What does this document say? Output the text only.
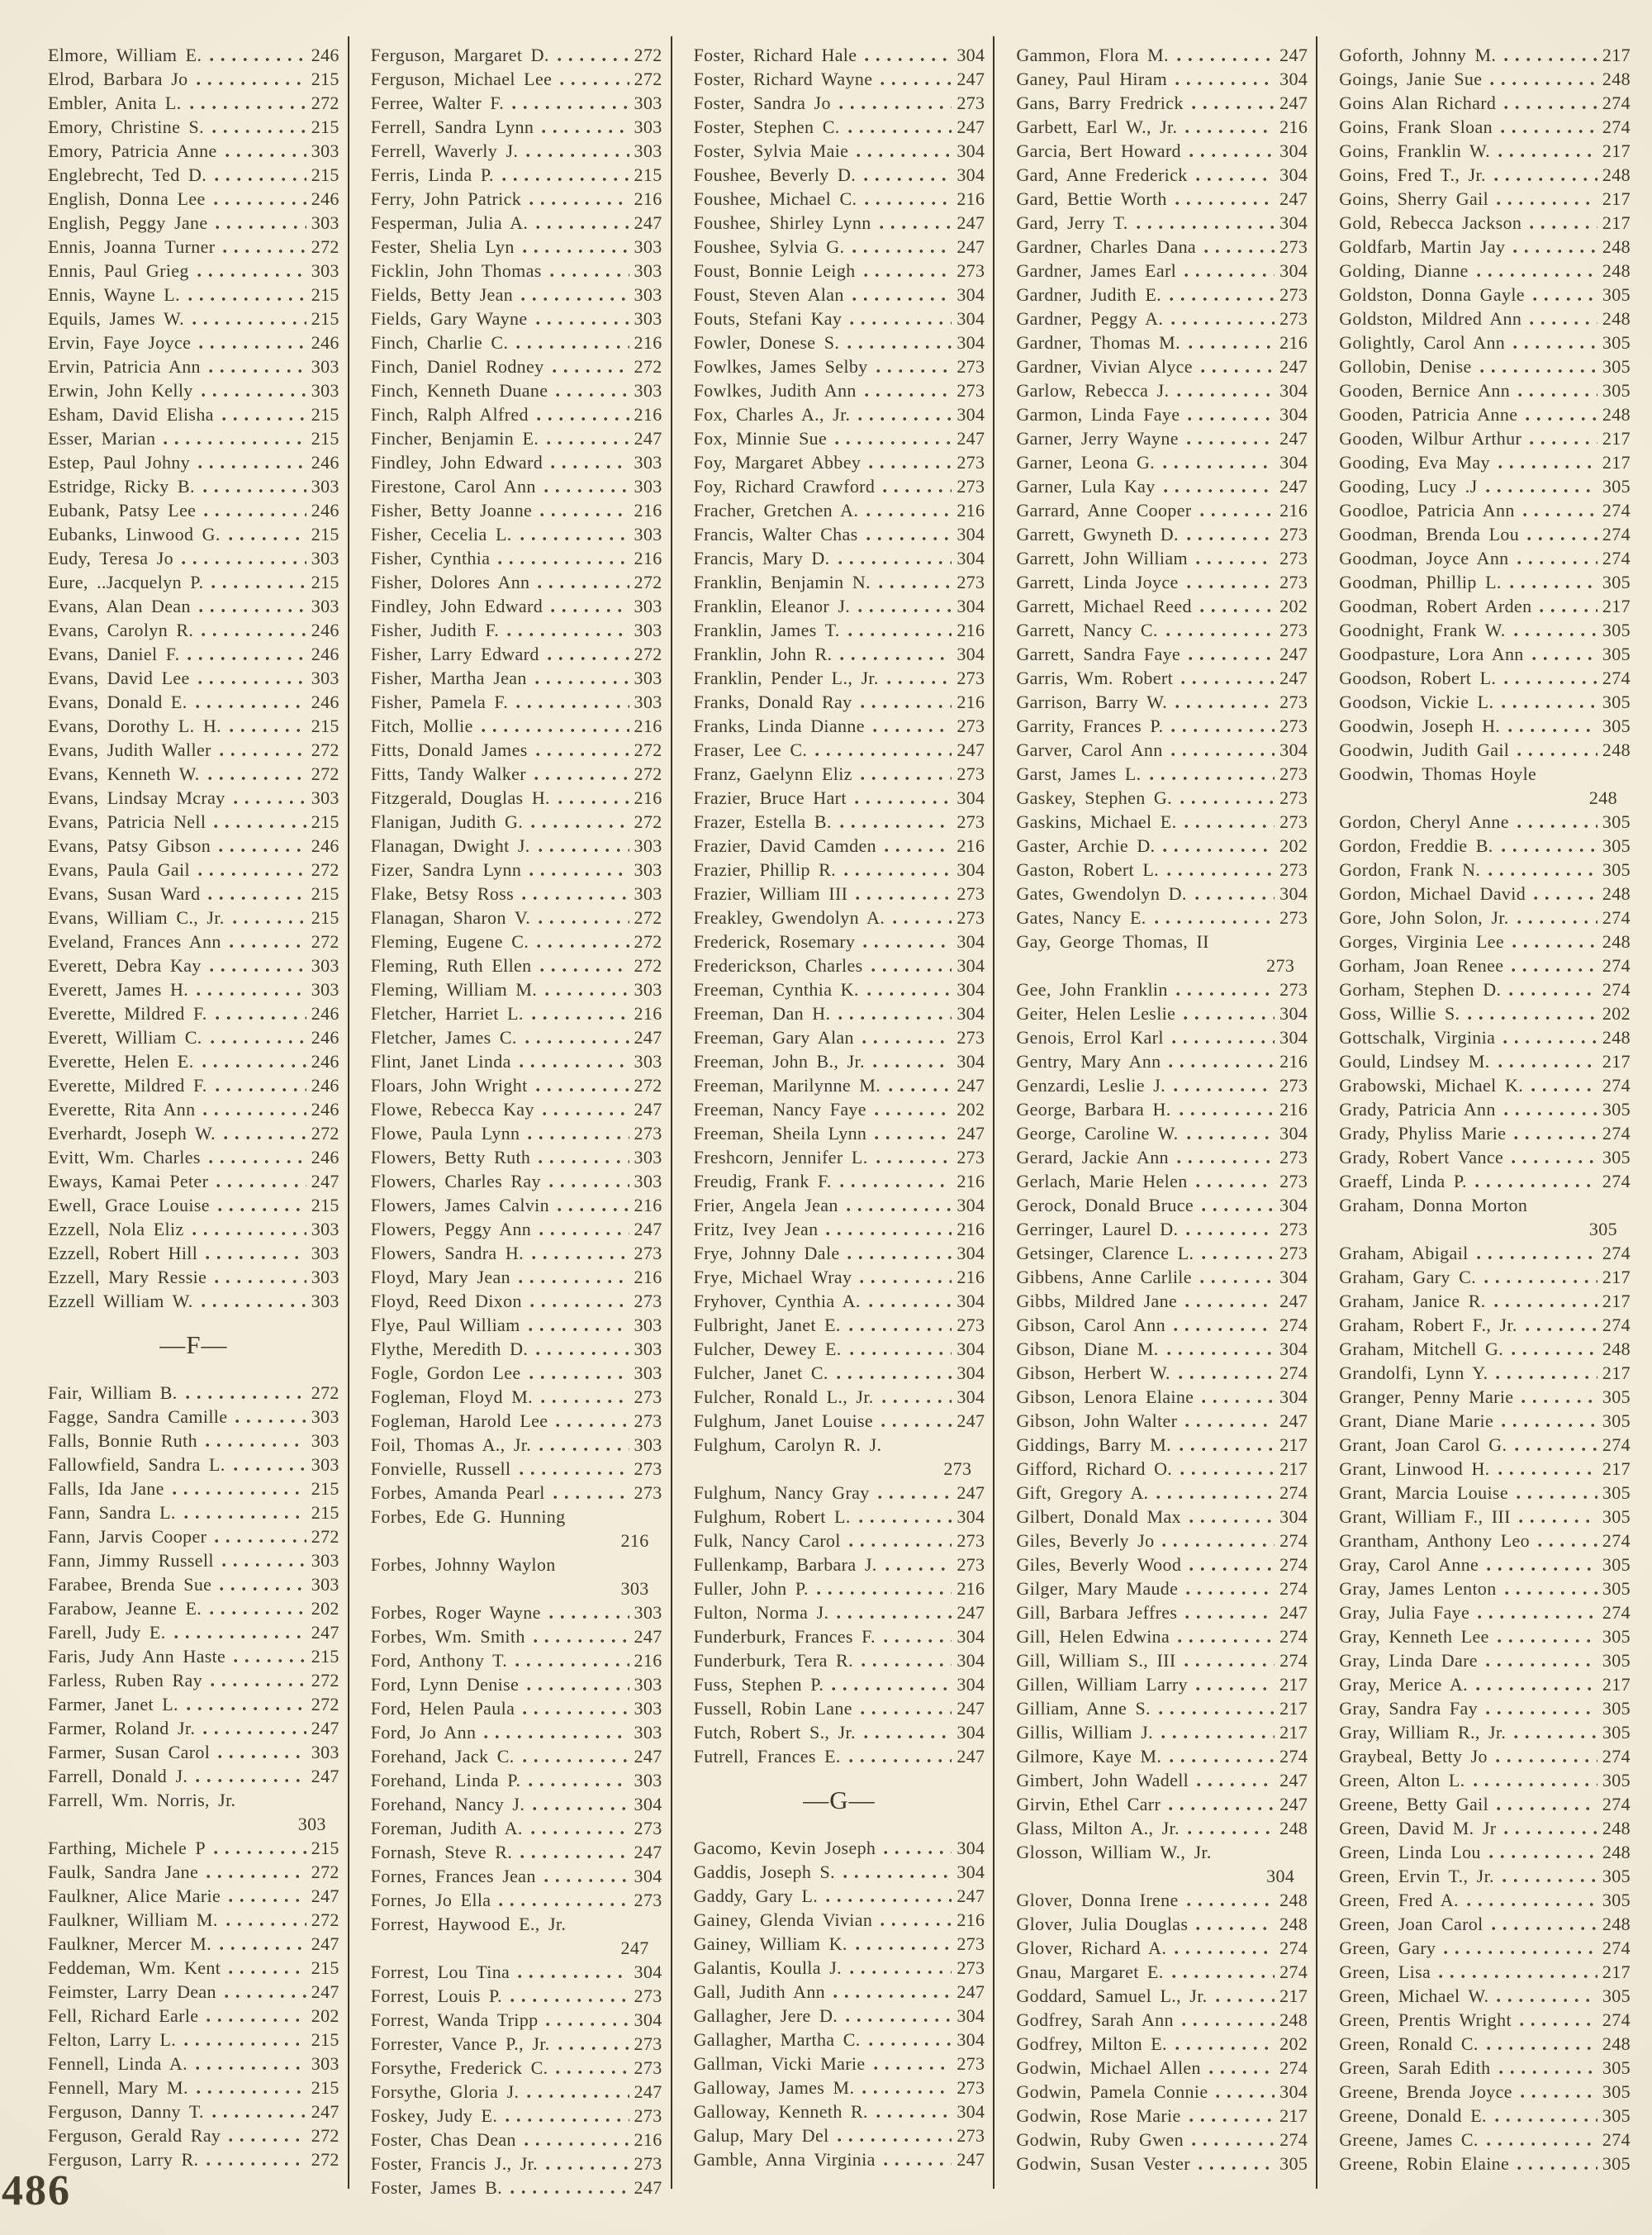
Elmore, William E.	246
Elrod, Barbara Jo	215
Embler, Anita L.	272
Emory, Christine S.	215
Emory, Patricia Anne	303
Englebrecht, Ted D.	215
English, Donna Lee	246
English, Peggy Jane	303
Ennis, Joanna Turner	272
Ennis, Paul Grieg	303
Ennis, Wayne L.	215
Equils, James W.	215
Ervin, Faye Joyce	246
Ervin, Patricia Ann	303
Erwin, John Kelly	303
Esham, David Elisha	215
Esser, Marian	215
Estep, Paul Johny	246
Estridge, Ricky B.	303
Eubank, Patsy Lee	246
Eubanks, Linwood G.	215
Eudy, Teresa Jo	303
Eure, ..Jacquelyn P.	215
Evans, Alan Dean	303
Evans, Carolyn R.	246
Evans, Daniel F.	246
Evans, David Lee	303
Evans, Donald E.	246
Evans, Dorothy L. H.	215
Evans, Judith Waller	272
Evans, Kenneth W.	272
Evans, Lindsay Mcray	303
Evans, Patricia Nell	215
Evans, Patsy Gibson	246
Evans, Paula Gail	272
Evans, Susan Ward	215
Evans, William C., Jr.	215
Eveland, Frances Ann	272
Everett, Debra Kay	303
Everett, James H.	303
Everette, Mildred F.	246
Everett, William C.	246
Everette, Helen E.	246
Everette, Mildred F.	246
Everette, Rita Ann	246
Everhardt, Joseph W.	272
Evitt, Wm. Charles	246
Eways, Kamai Peter	247
Ewell, Grace Louise	215
Ezzell, Nola Eliz	303
Ezzell, Robert Hill	303
Ezzell, Mary Ressie	303
Ezzell William W.	303
—F—
Fair, William B.	272
Fagge, Sandra Camille	303
Falls, Bonnie Ruth	303
Fallowfield, Sandra L.	303
Falls, Ida Jane	215
Fann, Sandra L.	215
Fann, Jarvis Cooper	272
Fann, Jimmy Russell	303
Farabee, Brenda Sue	303
Farabow, Jeanne E.	202
Farell, Judy E.	247
Faris, Judy Ann Haste	215
Farless, Ruben Ray	272
Farmer, Janet L.	272
Farmer, Roland Jr.	247
Farmer, Susan Carol	303
Farrell, Donald J.	247
Farrell, Wm. Norris, Jr.
303
Farthing, Michele P	215
Faulk, Sandra Jane	272
Faulkner, Alice Marie	247
Faulkner, William M.	272
Faulkner, Mercer M.	247
Feddeman, Wm. Kent	215
Feimster, Larry Dean	247
Fell, Richard Earle	202
Felton, Larry L.	215
Fennell, Linda A.	303
Fennell, Mary M.	215
Ferguson, Danny T.	247
Ferguson, Gerald Ray	272
Ferguson, Larry R.	272
Ferguson, Margaret D.	272
Ferguson, Michael Lee	272
Ferree, Walter F.	303
Ferrell, Sandra Lynn	303
Ferrell, Waverly J.	303
Ferris, Linda P.	215
Ferry, John Patrick	216
Fesperman, Julia A.	247
Fester, Shelia Lyn	303
Ficklin, John Thomas	303
Fields, Betty Jean	303
Fields, Gary Wayne	303
Finch, Charlie C.	216
Finch, Daniel Rodney	272
Finch, Kenneth Duane	303
Finch, Ralph Alfred	216
Fincher, Benjamin E.	247
Findley, John Edward	303
Firestone, Carol Ann	303
Fisher, Betty Joanne	216
Fisher, Cecelia L.	303
Fisher, Cynthia	216
Fisher, Dolores Ann	272
Findley, John Edward	303
Fisher, Judith F.	303
Fisher, Larry Edward	272
Fisher, Martha Jean	303
Fisher, Pamela F.	303
Fitch, Mollie	216
Fitts, Donald James	272
Fitts, Tandy Walker	272
Fitzgerald, Douglas H.	216
Flanigan, Judith G.	272
Flanagan, Dwight J.	303
Fizer, Sandra Lynn	303
Flake, Betsy Ross	303
Flanagan, Sharon V.	272
Fleming, Eugene C.	272
Fleming, Ruth Ellen	272
Fleming, William M.	303
Fletcher, Harriet L.	216
Fletcher, James C.	247
Flint, Janet Linda	303
Floars, John Wright	272
Flowe, Rebecca Kay	247
Flowe, Paula Lynn	273
Flowers, Betty Ruth	303
Flowers, Charles Ray	303
Flowers, James Calvin	216
Flowers, Peggy Ann	247
Flowers, Sandra H.	273
Floyd, Mary Jean	216
Floyd, Reed Dixon	273
Flye, Paul William	303
Flythe, Meredith D.	303
Fogle, Gordon Lee	303
Fogleman, Floyd M.	273
Fogleman, Harold Lee	273
Foil, Thomas A., Jr.	303
Fonvielle, Russell	273
Forbes, Amanda Pearl	273
Forbes, Ede G. Hunning
216
Forbes, Johnny Waylon
303
Forbes, Roger Wayne	303
Forbes, Wm. Smith	247
Ford, Anthony T.	216
Ford, Lynn Denise	303
Ford, Helen Paula	303
Ford, Jo Ann	303
Forehand, Jack C.	247
Forehand, Linda P.	303
Forehand, Nancy J.	304
Foreman, Judith A.	273
Fornash, Steve R.	247
Fornes, Frances Jean	304
Fornes, Jo Ella	273
Forrest, Haywood E., Jr.
247
Forrest, Lou Tina	304
Forrest, Louis P.	273
Forrest, Wanda Tripp	304
Forrester, Vance P., Jr.	273
Forsythe, Frederick C.	273
Forsythe, Gloria J.	247
Foskey, Judy E.	273
Foster, Chas Dean	216
Foster, Francis J., Jr.	273
Foster, James B.	247
Foster, Richard Hale	304
Foster, Richard Wayne	247
Foster, Sandra Jo	273
Foster, Stephen C.	247
Foster, Sylvia Maie	304
Foushee, Beverly D.	304
Foushee, Michael C.	216
Foushee, Shirley Lynn	247
Foushee, Sylvia G.	247
Foust, Bonnie Leigh	273
Foust, Steven Alan	304
Fouts, Stefani Kay	304
Fowler, Donese S.	304
Fowlkes, James Selby	273
Fowlkes, Judith Ann	273
Fox, Charles A., Jr.	304
Fox, Minnie Sue	247
Foy, Margaret Abbey	273
Foy, Richard Crawford	273
Fracher, Gretchen A.	216
Francis, Walter Chas	304
Francis, Mary D.	304
Franklin, Benjamin N.	273
Franklin, Eleanor J.	304
Franklin, James T.	216
Franklin, John R.	304
Franklin, Pender L., Jr.	273
Franks, Donald Ray	216
Franks, Linda Dianne	273
Fraser, Lee C.	247
Franz, Gaelynn Eliz	273
Frazier, Bruce Hart	304
Frazer, Estella B.	273
Frazier, David Camden	216
Frazier, Phillip R.	304
Frazier, William III	273
Freakley, Gwendolyn A.	273
Frederick, Rosemary	304
Frederickson, Charles	304
Freeman, Cynthia K.	304
Freeman, Dan H.	304
Freeman, Gary Alan	273
Freeman, John B., Jr.	304
Freeman, Marilynne M.	247
Freeman, Nancy Faye	202
Freeman, Sheila Lynn	247
Freshcorn, Jennifer L.	273
Freudig, Frank F.	216
Frier, Angela Jean	304
Fritz, Ivey Jean	216
Frye, Johnny Dale	304
Frye, Michael Wray	216
Fryhover, Cynthia A.	304
Fulbright, Janet E.	273
Fulcher, Dewey E.	304
Fulcher, Janet C.	304
Fulcher, Ronald L., Jr.	304
Fulghum, Janet Louise	247
Fulghum, Carolyn R. J.
273
Fulghum, Nancy Gray	247
Fulghum, Robert L.	304
Fulk, Nancy Carol	273
Fullenkamp, Barbara J.	273
Fuller, John P.	216
Fulton, Norma J.	247
Funderburk, Frances F.	304
Funderburk, Tera R.	304
Fuss, Stephen P.	304
Fussell, Robin Lane	247
Futch, Robert S., Jr.	304
Futrell, Frances E.	247
—G—
Gacomo, Kevin Joseph	304
Gaddis, Joseph S.	304
Gaddy, Gary L.	247
Gainey, Glenda Vivian	216
Gainey, William K.	273
Galantis, Koulla J.	273
Gall, Judith Ann	247
Gallagher, Jere D.	304
Gallagher, Martha C.	304
Gallman, Vicki Marie	273
Galloway, James M.	273
Galloway, Kenneth R.	304
Galup, Mary Del	273
Gamble, Anna Virginia	247
Gammon, Flora M.	247
Ganey, Paul Hiram	304
Gans, Barry Fredrick	247
Garbett, Earl W., Jr.	216
Garcia, Bert Howard	304
Gard, Anne Frederick	304
Gard, Bettie Worth	247
Gard, Jerry T.	304
Gardner, Charles Dana	273
Gardner, James Earl	304
Gardner, Judith E.	273
Gardner, Peggy A.	273
Gardner, Thomas M.	216
Gardner, Vivian Alyce	247
Garlow, Rebecca J.	304
Garmon, Linda Faye	304
Garner, Jerry Wayne	247
Garner, Leona G.	304
Garner, Lula Kay	247
Garrard, Anne Cooper	216
Garrett, Gwyneth D.	273
Garrett, John William	273
Garrett, Linda Joyce	273
Garrett, Michael Reed	202
Garrett, Nancy C.	273
Garrett, Sandra Faye	247
Garris, Wm. Robert	247
Garrison, Barry W.	273
Garrity, Frances P.	273
Garver, Carol Ann	304
Garst, James L.	273
Gaskey, Stephen G.	273
Gaskins, Michael E.	273
Gaster, Archie D.	202
Gaston, Robert L.	273
Gates, Gwendolyn D.	304
Gates, Nancy E.	273
Gay, George Thomas, II
273
Gee, John Franklin	273
Geiter, Helen Leslie	304
Genois, Errol Karl	304
Gentry, Mary Ann	216
Genzardi, Leslie J.	273
George, Barbara H.	216
George, Caroline W.	304
Gerard, Jackie Ann	273
Gerlach, Marie Helen	273
Gerock, Donald Bruce	304
Gerringer, Laurel D.	273
Getsinger, Clarence L.	273
Gibbens, Anne Carlile	304
Gibbs, Mildred Jane	247
Gibson, Carol Ann	274
Gibson, Diane M.	304
Gibson, Herbert W.	274
Gibson, Lenora Elaine	304
Gibson, John Walter	247
Giddings, Barry M.	217
Gifford, Richard O.	217
Gift, Gregory A.	274
Gilbert, Donald Max	304
Giles, Beverly Jo	274
Giles, Beverly Wood	274
Gilger, Mary Maude	274
Gill, Barbara Jeffres	247
Gill, Helen Edwina	274
Gill, William S., III	274
Gillen, William Larry	217
Gilliam, Anne S.	217
Gillis, William J.	217
Gilmore, Kaye M.	274
Gimbert, John Wadell	247
Girvin, Ethel Carr	247
Glass, Milton A., Jr.	248
Glosson, William W., Jr.
304
Glover, Donna Irene	248
Glover, Julia Douglas	248
Glover, Richard A.	274
Gnau, Margaret E.	274
Goddard, Samuel L., Jr.	217
Godfrey, Sarah Ann	248
Godfrey, Milton E.	202
Godwin, Michael Allen	274
Godwin, Pamela Connie	304
Godwin, Rose Marie	217
Godwin, Ruby Gwen	274
Godwin, Susan Vester	305
Goforth, Johnny M.	217
Goings, Janie Sue	248
Goins Alan Richard	274
Goins, Frank Sloan	274
Goins, Franklin W.	217
Goins, Fred T., Jr.	248
Goins, Sherry Gail	217
Gold, Rebecca Jackson	217
Goldfarb, Martin Jay	248
Golding, Dianne	248
Goldston, Donna Gayle	305
Goldston, Mildred Ann	248
Golightly, Carol Ann	305
Gollobin, Denise	305
Gooden, Bernice Ann	305
Gooden, Patricia Anne	248
Gooden, Wilbur Arthur	217
Gooding, Eva May	217
Gooding, Lucy .J	305
Goodloe, Patricia Ann	274
Goodman, Brenda Lou	274
Goodman, Joyce Ann	274
Goodman, Phillip L.	305
Goodman, Robert Arden	217
Goodnight, Frank W.	305
Goodpasture, Lora Ann	305
Goodson, Robert L.	274
Goodson, Vickie L.	305
Goodwin, Joseph H.	305
Goodwin, Judith Gail	248
Goodwin, Thomas Hoyle
248
Gordon, Cheryl Anne	305
Gordon, Freddie B.	305
Gordon, Frank N.	305
Gordon, Michael David	248
Gore, John Solon, Jr.	274
Gorges, Virginia Lee	248
Gorham, Joan Renee	274
Gorham, Stephen D.	274
Goss, Willie S.	202
Gottschalk, Virginia	248
Gould, Lindsey M.	217
Grabowski, Michael K.	274
Grady, Patricia Ann	305
Grady, Phyliss Marie	274
Grady, Robert Vance	305
Graeff, Linda P.	274
Graham, Donna Morton
305
Graham, Abigail	274
Graham, Gary C.	217
Graham, Janice R.	217
Graham, Robert F., Jr.	274
Graham, Mitchell G.	248
Grandolfi, Lynn Y.	217
Granger, Penny Marie	305
Grant, Diane Marie	305
Grant, Joan Carol G.	274
Grant, Linwood H.	217
Grant, Marcia Louise	305
Grant, William F., III	305
Grantham, Anthony Leo	274
Gray, Carol Anne	305
Gray, James Lenton	305
Gray, Julia Faye	274
Gray, Kenneth Lee	305
Gray, Linda Dare	305
Gray, Merice A.	217
Gray, Sandra Fay	305
Gray, William R., Jr.	305
Graybeal, Betty Jo	274
Green, Alton L.	305
Greene, Betty Gail	274
Green, David M. Jr	248
Green, Linda Lou	248
Green, Ervin T., Jr.	305
Green, Fred A.	305
Green, Joan Carol	248
Green, Gary	274
Green, Lisa	217
Green, Michael W.	305
Green, Prentis Wright	274
Green, Ronald C.	248
Green, Sarah Edith	305
Greene, Brenda Joyce	305
Greene, Donald E.	305
Greene, James C.	274
Greene, Robin Elaine	305
486
